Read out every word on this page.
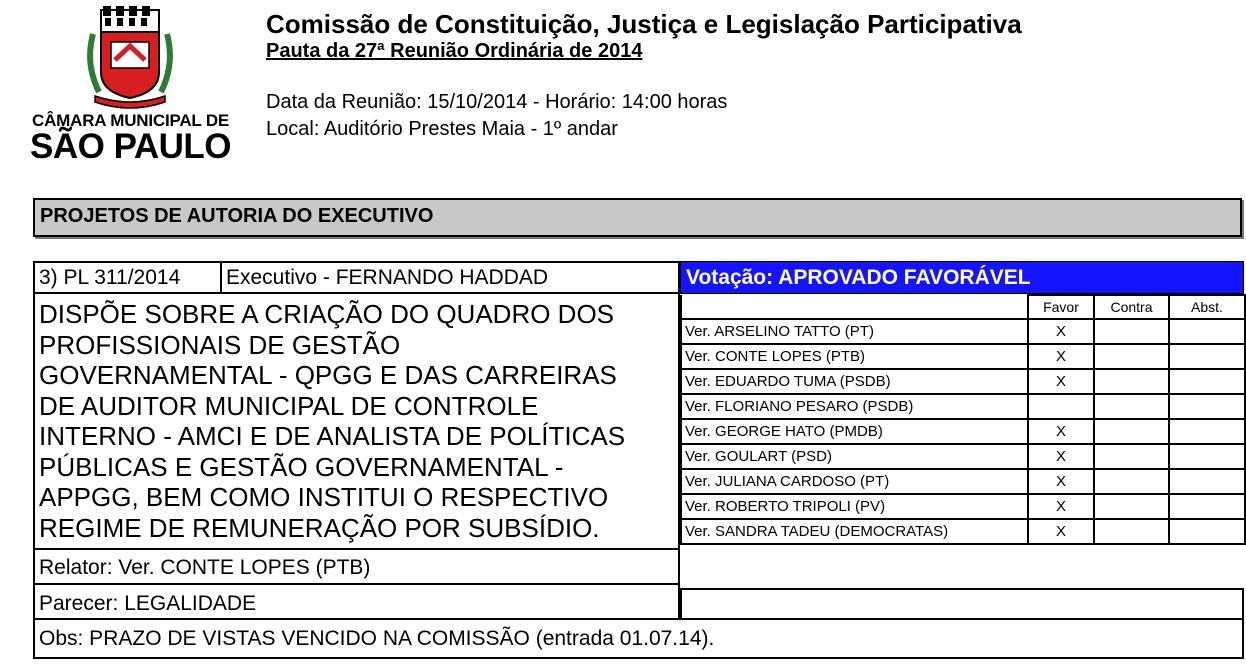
CÂMARA MUNICIPAL DE
SÃO PAULO
Comissão de Constituição, Justiça e Legislação Participativa
Pauta da 27ª Reunião Ordinária de 2014
Data da Reunião: 15/10/2014 - Horário: 14:00 horas
Local: Auditório Prestes Maia - 1º andar
PROJETOS DE AUTORIA DO EXECUTIVO
3) PL 311/2014	Executivo - FERNANDO HADDAD
DISPÕE SOBRE A CRIAÇÃO DO QUADRO DOS
PROFISSIONAIS DE GESTÃO
GOVERNAMENTAL - QPGG E DAS CARREIRAS
DE AUDITOR MUNICIPAL DE CONTROLE
INTERNO - AMCI E DE ANALISTA DE POLÍTICAS
PÚBLICAS E GESTÃO GOVERNAMENTAL -
APPGG, BEM COMO INSTITUI O RESPECTIVO
REGIME DE REMUNERAÇÃO POR SUBSÍDIO.
Relator: Ver. CONTE LOPES (PTB)
Parecer: LEGALIDADE
Obs: PRAZO DE VISTAS VENCIDO NA COMISSÃO (entrada 01.07.14).
Votação: APROVADO FAVORÁVEL
	Favor	Contra	Abst.
Ver. ARSELINO TATTO (PT)	X		
Ver. CONTE LOPES (PTB)	X		
Ver. EDUARDO TUMA (PSDB)	X		
Ver. FLORIANO PESARO (PSDB)			
Ver. GEORGE HATO (PMDB)	X		
Ver. GOULART (PSD)	X		
Ver. JULIANA CARDOSO (PT)	X		
Ver. ROBERTO TRIPOLI (PV)	X		
Ver. SANDRA TADEU (DEMOCRATAS)	X		
